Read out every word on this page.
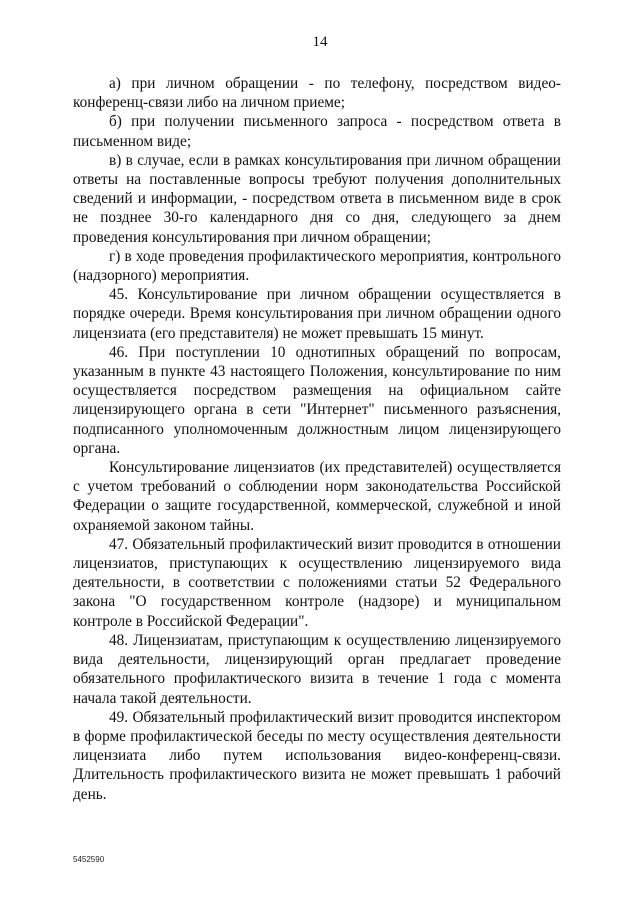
14

а) при личном обращении - по телефону, посредством видео-конференц-связи либо на личном приеме;

б) при получении письменного запроса - посредством ответа в письменном виде;

в) в случае, если в рамках консультирования при личном обращении ответы на поставленные вопросы требуют получения дополнительных сведений и информации, - посредством ответа в письменном виде в срок не позднее 30-го календарного дня со дня, следующего за днем проведения консультирования при личном обращении;

г) в ходе проведения профилактического мероприятия, контрольного (надзорного) мероприятия.

45. Консультирование при личном обращении осуществляется в порядке очереди. Время консультирования при личном обращении одного лицензиата (его представителя) не может превышать 15 минут.

46. При поступлении 10 однотипных обращений по вопросам, указанным в пункте 43 настоящего Положения, консультирование по ним осуществляется посредством размещения на официальном сайте лицензирующего органа в сети "Интернет" письменного разъяснения, подписанного уполномоченным должностным лицом лицензирующего органа.

Консультирование лицензиатов (их представителей) осуществляется с учетом требований о соблюдении норм законодательства Российской Федерации о защите государственной, коммерческой, служебной и иной охраняемой законом тайны.

47. Обязательный профилактический визит проводится в отношении лицензиатов, приступающих к осуществлению лицензируемого вида деятельности, в соответствии с положениями статьи 52 Федерального закона "О государственном контроле (надзоре) и муниципальном контроле в Российской Федерации".

48. Лицензиатам, приступающим к осуществлению лицензируемого вида деятельности, лицензирующий орган предлагает проведение обязательного профилактического визита в течение 1 года с момента начала такой деятельности.

49. Обязательный профилактический визит проводится инспектором в форме профилактической беседы по месту осуществления деятельности лицензиата либо путем использования видео-конференц-связи. Длительность профилактического визита не может превышать 1 рабочий день.

5452590
